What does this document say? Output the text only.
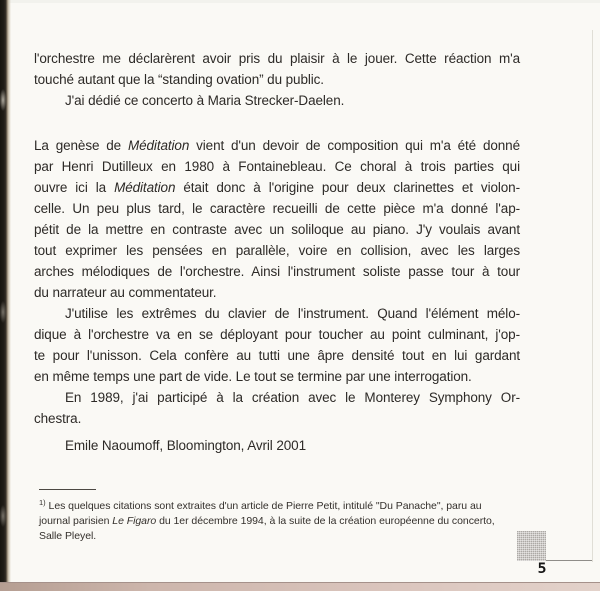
l'orchestre me déclarèrent avoir pris du plaisir à le jouer. Cette réaction m'a
touché autant que la “standing ovation” du public.
J'ai dédié ce concerto à Maria Strecker-Daelen.
La genèse de Méditation vient d'un devoir de composition qui m'a été donné
par Henri Dutilleux en 1980 à Fontainebleau. Ce choral à trois parties qui
ouvre ici la Méditation était donc à l'origine pour deux clarinettes et violon-
celle. Un peu plus tard, le caractère recueilli de cette pièce m'a donné l'ap-
pétit de la mettre en contraste avec un soliloque au piano. J'y voulais avant
tout exprimer les pensées en parallèle, voire en collision, avec les larges
arches mélodiques de l'orchestre. Ainsi l'instrument soliste passe tour à tour
du narrateur au commentateur.
J'utilise les extrêmes du clavier de l'instrument. Quand l'élément mélo-
dique à l'orchestre va en se déployant pour toucher au point culminant, j'op-
te pour l'unisson. Cela confère au tutti une âpre densité tout en lui gardant
en même temps une part de vide. Le tout se termine par une interrogation.
En 1989, j'ai participé à la création avec le Monterey Symphony Or-
chestra.
Emile Naoumoff, Bloomington, Avril 2001
$^{1)}$ Les quelques citations sont extraites d'un article de Pierre Petit, intitulé "Du Panache", paru au
journal parisien Le Figaro du 1er décembre 1994, à la suite de la création européenne du concerto,
Salle Pleyel.
5
